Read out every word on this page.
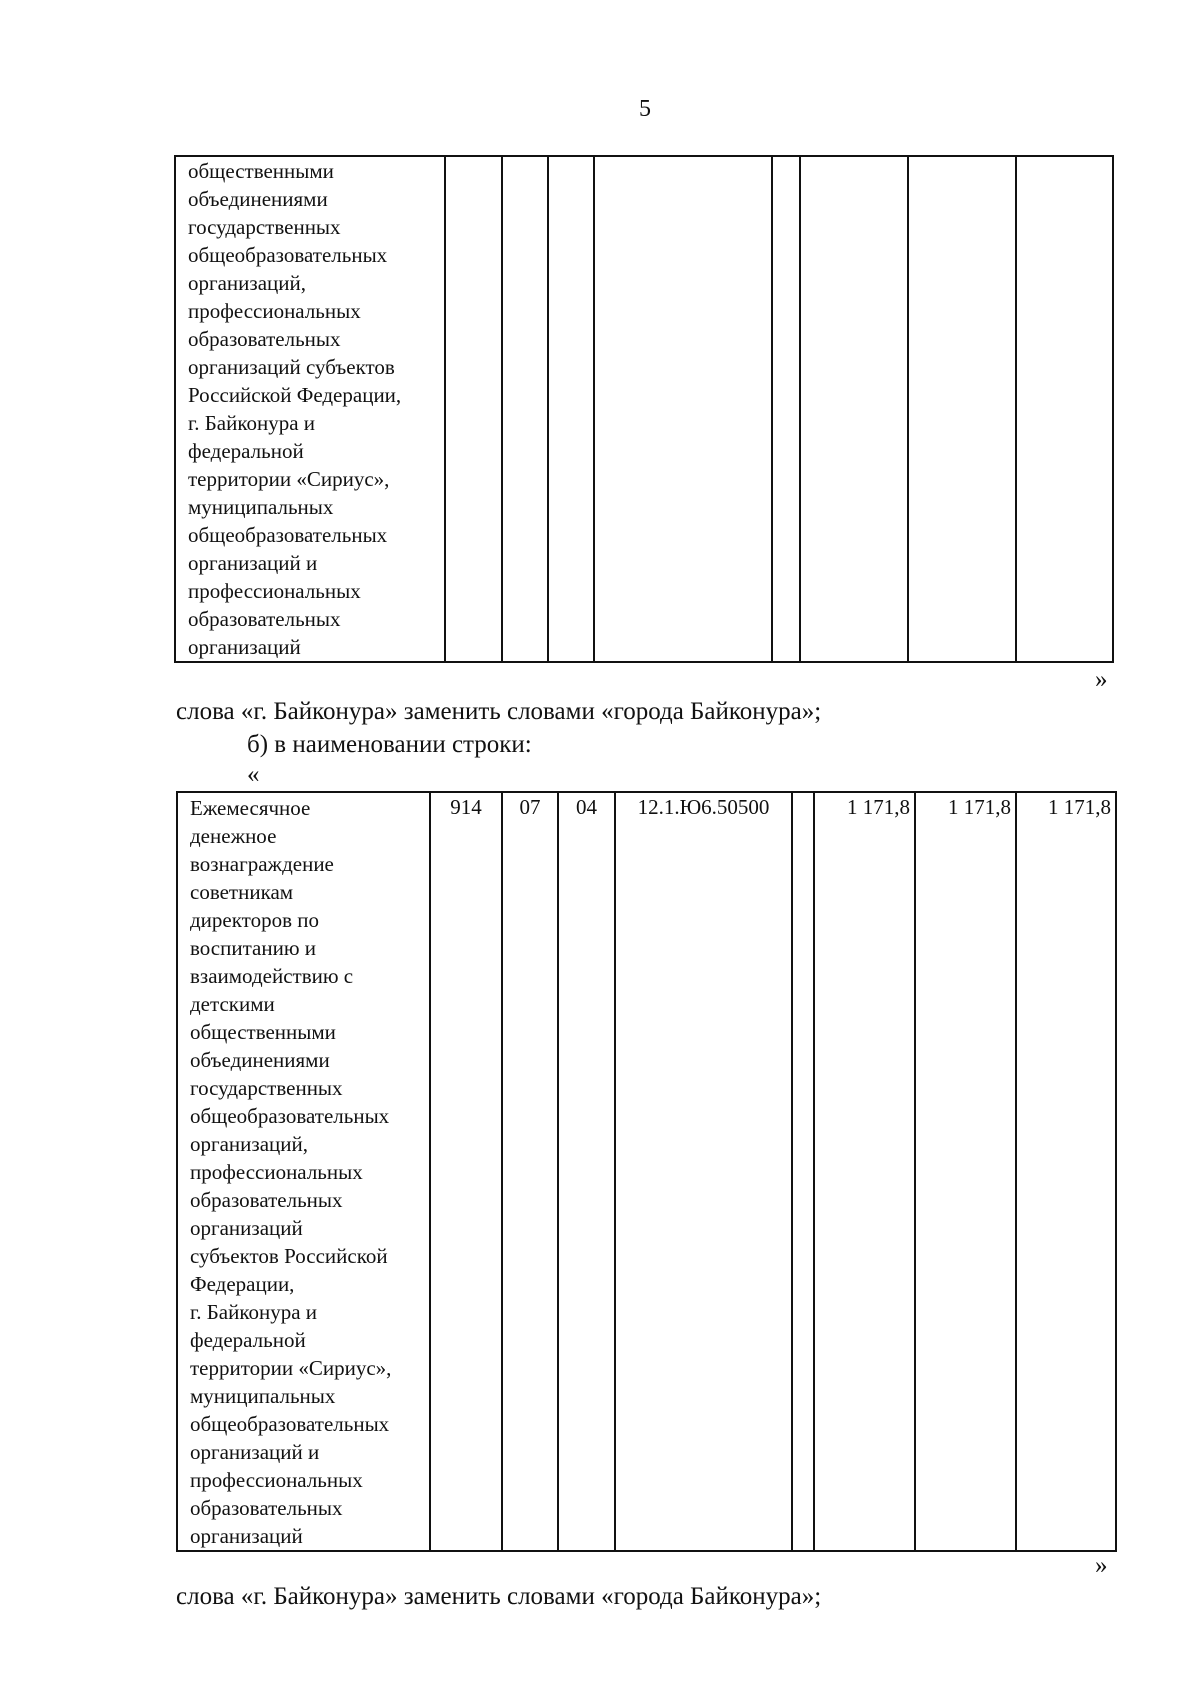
5
общественными
объединениями
государственных
общеобразовательных
организаций,
профессиональных
образовательных
организаций субъектов
Российской Федерации,
г. Байконура и
федеральной
территории «Сириус»,
муниципальных
общеобразовательных
организаций и
профессиональных
образовательных
организаций

»
слова «г. Байконура» заменить словами «города Байконура»;
б) в наименовании строки:
«
Ежемесячное
денежное
вознаграждение
советникам
директоров по
воспитанию и
взаимодействию с
детскими
общественными
объединениями
государственных
общеобразовательных
организаций,
профессиональных
образовательных
организаций
субъектов Российской
Федерации,
г. Байконура и
федеральной
территории «Сириус»,
муниципальных
общеобразовательных
организаций и
профессиональных
образовательных
организаций
	914	07	04	12.1.Ю6.50500		1 171,8	1 171,8	1 171,8
»
слова «г. Байконура» заменить словами «города Байконура»;
